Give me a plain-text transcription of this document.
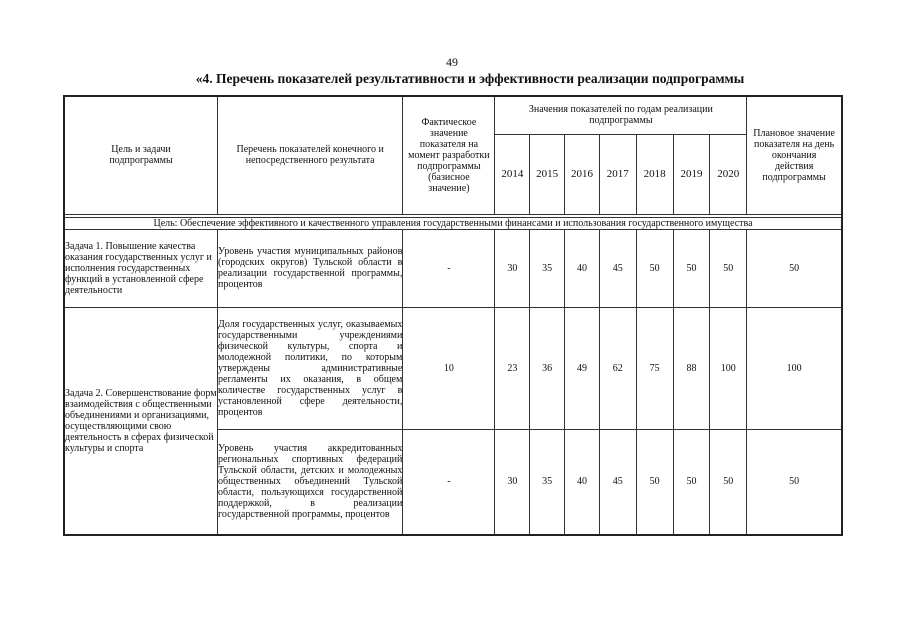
49
«4. Перечень показателей результативности и эффективности реализации подпрограммы
Цель и задачи подпрограммы	Перечень показателей конечного и непосредственного результата	Фактическое значение показателя на момент разработки подпрограммы (базисное значение)	Значения показателей по годам реализации подпрограммы							Плановое значение показателя на день окончания действия подпрограммы
			2014	2015	2016	2017	2018	2019	2020	

Цель: Обеспечение эффективного и качественного управления государственными финансами и использования государственного имущества										
Задача 1. Повышение качества оказания государственных услуг и исполнения государственных функций в установленной сфере деятельности	Уровень участия муниципальных районов (городских округов) Тульской области в реализации государственной программы, процентов	-	30	35	40	45	50	50	50	50
Задача 2. Совершенствование форм взаимодействия с общественными объединениями и организациями, осуществляющими свою деятельность в сферах физической культуры и спорта	Доля государственных услуг, оказываемых государственными учреждениями физической культуры, спорта и молодежной политики, по которым утверждены административные регламенты их оказания, в общем количестве государственных услуг в установленной сфере деятельности, процентов	10	23	36	49	62	75	88	100	100
	Уровень участия аккредитованных региональных спортивных федераций Тульской области, детских и молодежных общественных объединений Тульской области, пользующихся государственной поддержкой, в реализации государственной программы, процентов	-	30	35	40	45	50	50	50	50
